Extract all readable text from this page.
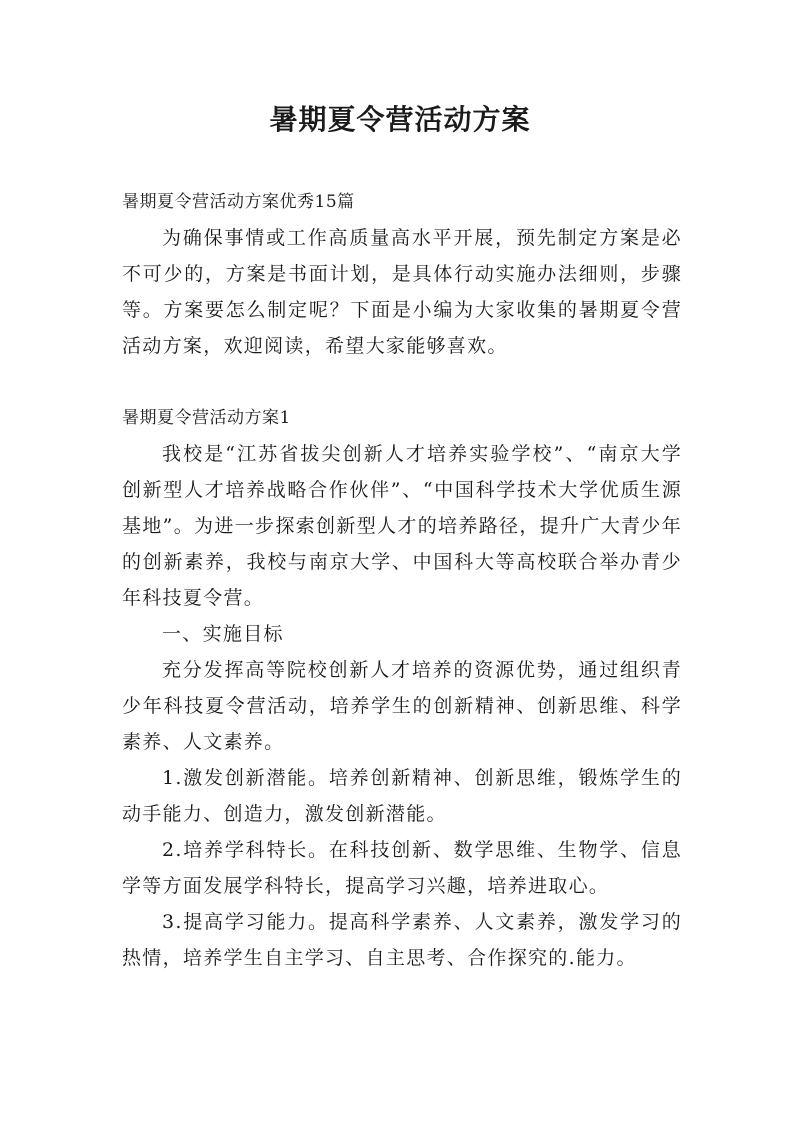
暑期夏令营活动方案

暑期夏令营活动方案优秀15篇

为确保事情或工作高质量高水平开展，预先制定方案是必不可少的，方案是书面计划，是具体行动实施办法细则，步骤等。方案要怎么制定呢？下面是小编为大家收集的暑期夏令营活动方案，欢迎阅读，希望大家能够喜欢。

暑期夏令营活动方案1

我校是“江苏省拔尖创新人才培养实验学校”、“南京大学创新型人才培养战略合作伙伴”、“中国科学技术大学优质生源基地”。为进一步探索创新型人才的培养路径，提升广大青少年的创新素养，我校与南京大学、中国科大等高校联合举办青少年科技夏令营。

一、实施目标

充分发挥高等院校创新人才培养的资源优势，通过组织青少年科技夏令营活动，培养学生的创新精神、创新思维、科学素养、人文素养。

1.激发创新潜能。培养创新精神、创新思维，锻炼学生的动手能力、创造力，激发创新潜能。

2.培养学科特长。在科技创新、数学思维、生物学、信息学等方面发展学科特长，提高学习兴趣，培养进取心。

3.提高学习能力。提高科学素养、人文素养，激发学习的热情，培养学生自主学习、自主思考、合作探究的.能力。
